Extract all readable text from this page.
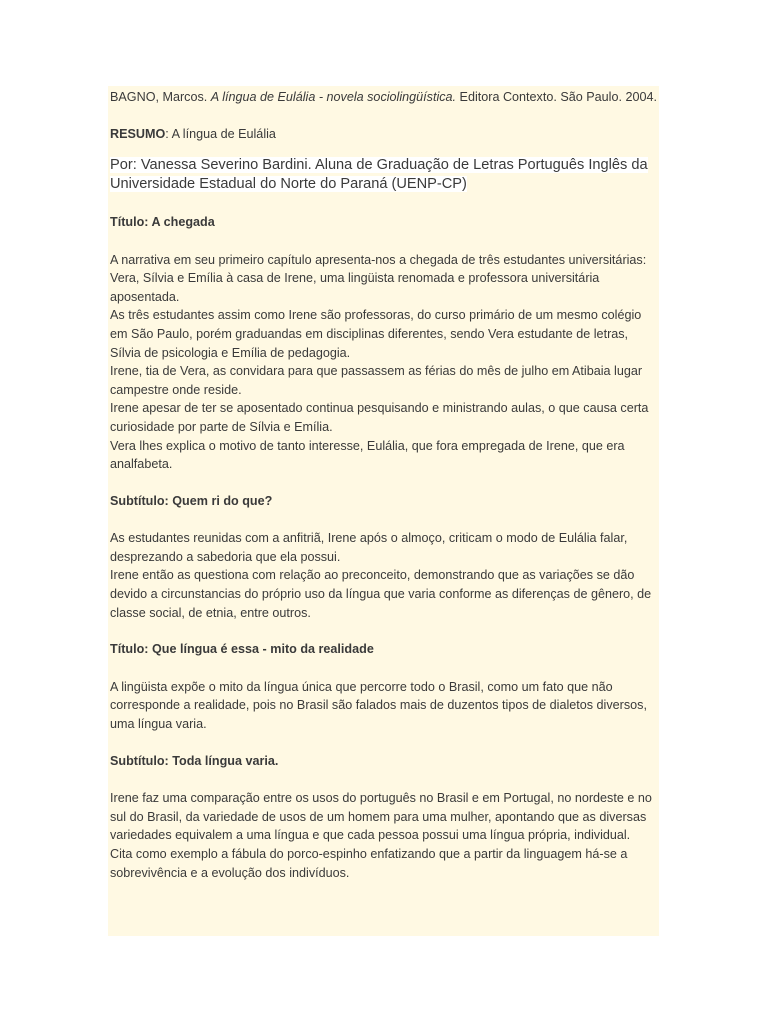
BAGNO, Marcos. A língua de Eulália - novela sociolingüística. Editora Contexto. São Paulo. 2004.

RESUMO: A língua de Eulália

Por: Vanessa Severino Bardini. Aluna de Graduação de Letras Português Inglês da Universidade Estadual do Norte do Paraná (UENP-CP)

Título: A chegada

A narrativa em seu primeiro capítulo apresenta-nos a chegada de três estudantes universitárias: Vera, Sílvia e Emília à casa de Irene, uma lingüista renomada e professora universitária aposentada.

As três estudantes assim como Irene são professoras, do curso primário de um mesmo colégio em São Paulo, porém graduandas em disciplinas diferentes, sendo Vera estudante de letras, Sílvia de psicologia e Emília de pedagogia.

Irene, tia de Vera, as convidara para que passassem as férias do mês de julho em Atibaia lugar campestre onde reside.

Irene apesar de ter se aposentado continua pesquisando e ministrando aulas, o que causa certa curiosidade por parte de Sílvia e Emília.

Vera lhes explica o motivo de tanto interesse, Eulália, que fora empregada de Irene, que era analfabeta.

Subtítulo: Quem ri do que?

As estudantes reunidas com a anfitriã, Irene após o almoço, criticam o modo de Eulália falar, desprezando a sabedoria que ela possui.

Irene então as questiona com relação ao preconceito, demonstrando que as variações se dão devido a circunstancias do próprio uso da língua que varia conforme as diferenças de gênero, de classe social, de etnia, entre outros.

Título: Que língua é essa - mito da realidade

A lingüista expõe o mito da língua única que percorre todo o Brasil, como um fato que não corresponde a realidade, pois no Brasil são falados mais de duzentos tipos de dialetos diversos, uma língua varia.

Subtítulo: Toda língua varia.

Irene faz uma comparação entre os usos do português no Brasil e em Portugal, no nordeste e no sul do Brasil, da variedade de usos de um homem para uma mulher, apontando que as diversas variedades equivalem a uma língua e que cada pessoa possui uma língua própria, individual.

Cita como exemplo a fábula do porco-espinho enfatizando que a partir da linguagem há-se a sobrevivência e a evolução dos indivíduos.
